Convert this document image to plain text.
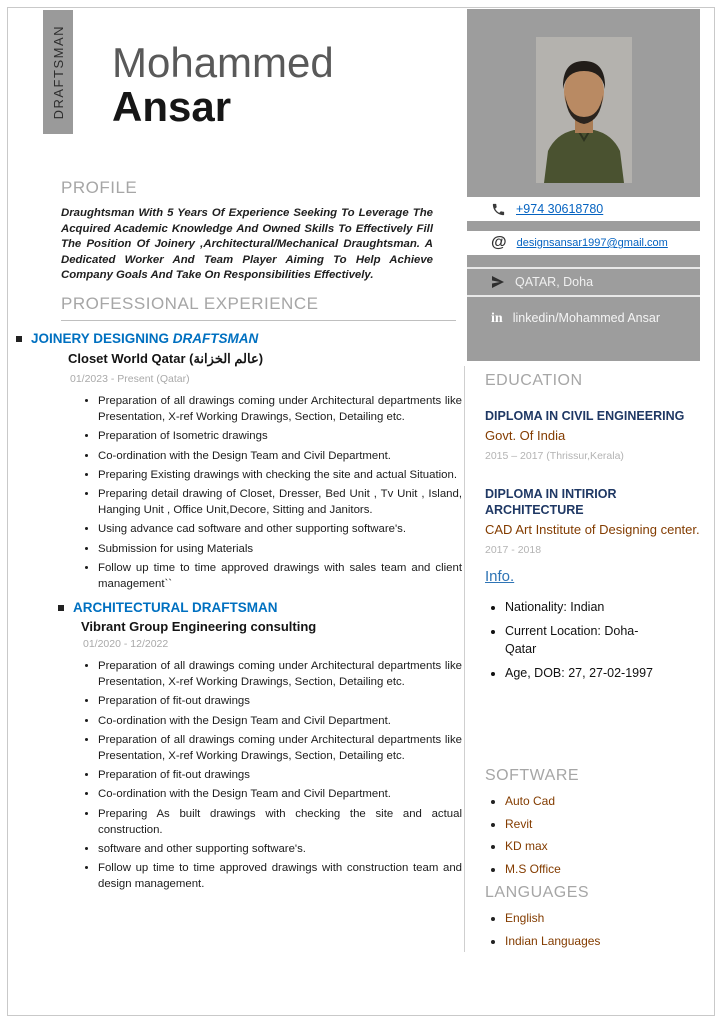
DRAFTSMAN Mohammed
Ansar
+974 30618780
@ designsansar1997@gmail.com
QATAR, Doha
in linkedin/Mohammed Ansar
PROFILE

Draughtsman With 5 Years Of Experience Seeking To Leverage The Acquired Academic Knowledge And Owned Skills To Effectively Fill The Position Of Joinery ,Architectural/Mechanical Draughtsman. A Dedicated Worker And Team Player Aiming To Help Achieve Company Goals And Take On Responsibilities Effectively.

PROFESSIONAL EXPERIENCE
JOINERY DESIGNING DRAFTSMAN
Closet World Qatar (عالم الخزانة)
01/2023 - Present (Qatar)
• Preparation of all drawings coming under Architectural departments like Presentation, X-ref Working Drawings, Section, Detailing etc.
• Preparation of Isometric drawings
• Co-ordination with the Design Team and Civil Department.
• Preparing Existing drawings with checking the site and actual Situation.
• Preparing detail drawing of Closet, Dresser, Bed Unit , Tv Unit , Island, Hanging Unit , Office Unit,Decore, Sitting and Janitors.
• Using advance cad software and other supporting software's.
• Submission for using Materials
• Follow up time to time approved drawings with sales team and client management``
ARCHITECTURAL DRAFTSMAN
Vibrant Group Engineering consulting
01/2020 - 12/2022
• Preparation of all drawings coming under Architectural departments like Presentation, X-ref Working Drawings, Section, Detailing etc.
• Preparation of fit-out drawings
• Co-ordination with the Design Team and Civil Department.
• Preparation of all drawings coming under Architectural departments like Presentation, X-ref Working Drawings, Section, Detailing etc.
• Preparation of fit-out drawings
• Co-ordination with the Design Team and Civil Department.
• Preparing As built drawings with checking the site and actual construction.
• software and other supporting software's.
• Follow up time to time approved drawings with construction team and design management.
EDUCATION
DIPLOMA IN CIVIL ENGINEERING
Govt. Of India
2015 – 2017 (Thrissur,Kerala)
DIPLOMA IN INTIRIOR ARCHITECTURE
CAD Art Institute of Designing center.
2017 - 2018
Info.
• Nationality: Indian
• Current Location: Doha-Qatar
• Age, DOB: 27, 27-02-1997
SOFTWARE
• Auto Cad
• Revit
• KD max
• M.S Office
LANGUAGES
• English
• Indian Languages
